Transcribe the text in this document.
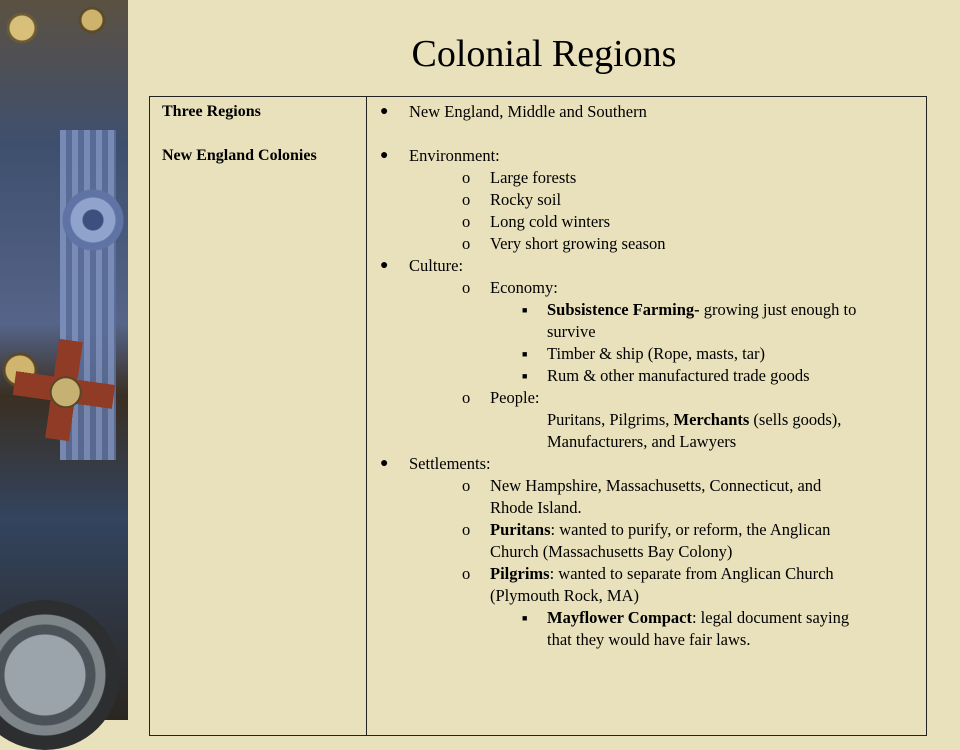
Colonial Regions
Three Regions
New England Colonies
● New England, Middle and Southern
● Environment:
o Large forests
o Rocky soil
o Long cold winters
o Very short growing season
● Culture:
o Economy:
■ Subsistence Farming- growing just enough to
survive
■ Timber & ship (Rope, masts, tar)
■ Rum & other manufactured trade goods
o People:
Puritans, Pilgrims, Merchants (sells goods),
Manufacturers, and Lawyers
● Settlements:
o New Hampshire, Massachusetts, Connecticut, and
Rhode Island.
o Puritans: wanted to purify, or reform, the Anglican
Church (Massachusetts Bay Colony)
o Pilgrims: wanted to separate from Anglican Church
(Plymouth Rock, MA)
■ Mayflower Compact: legal document saying
that they would have fair laws.
